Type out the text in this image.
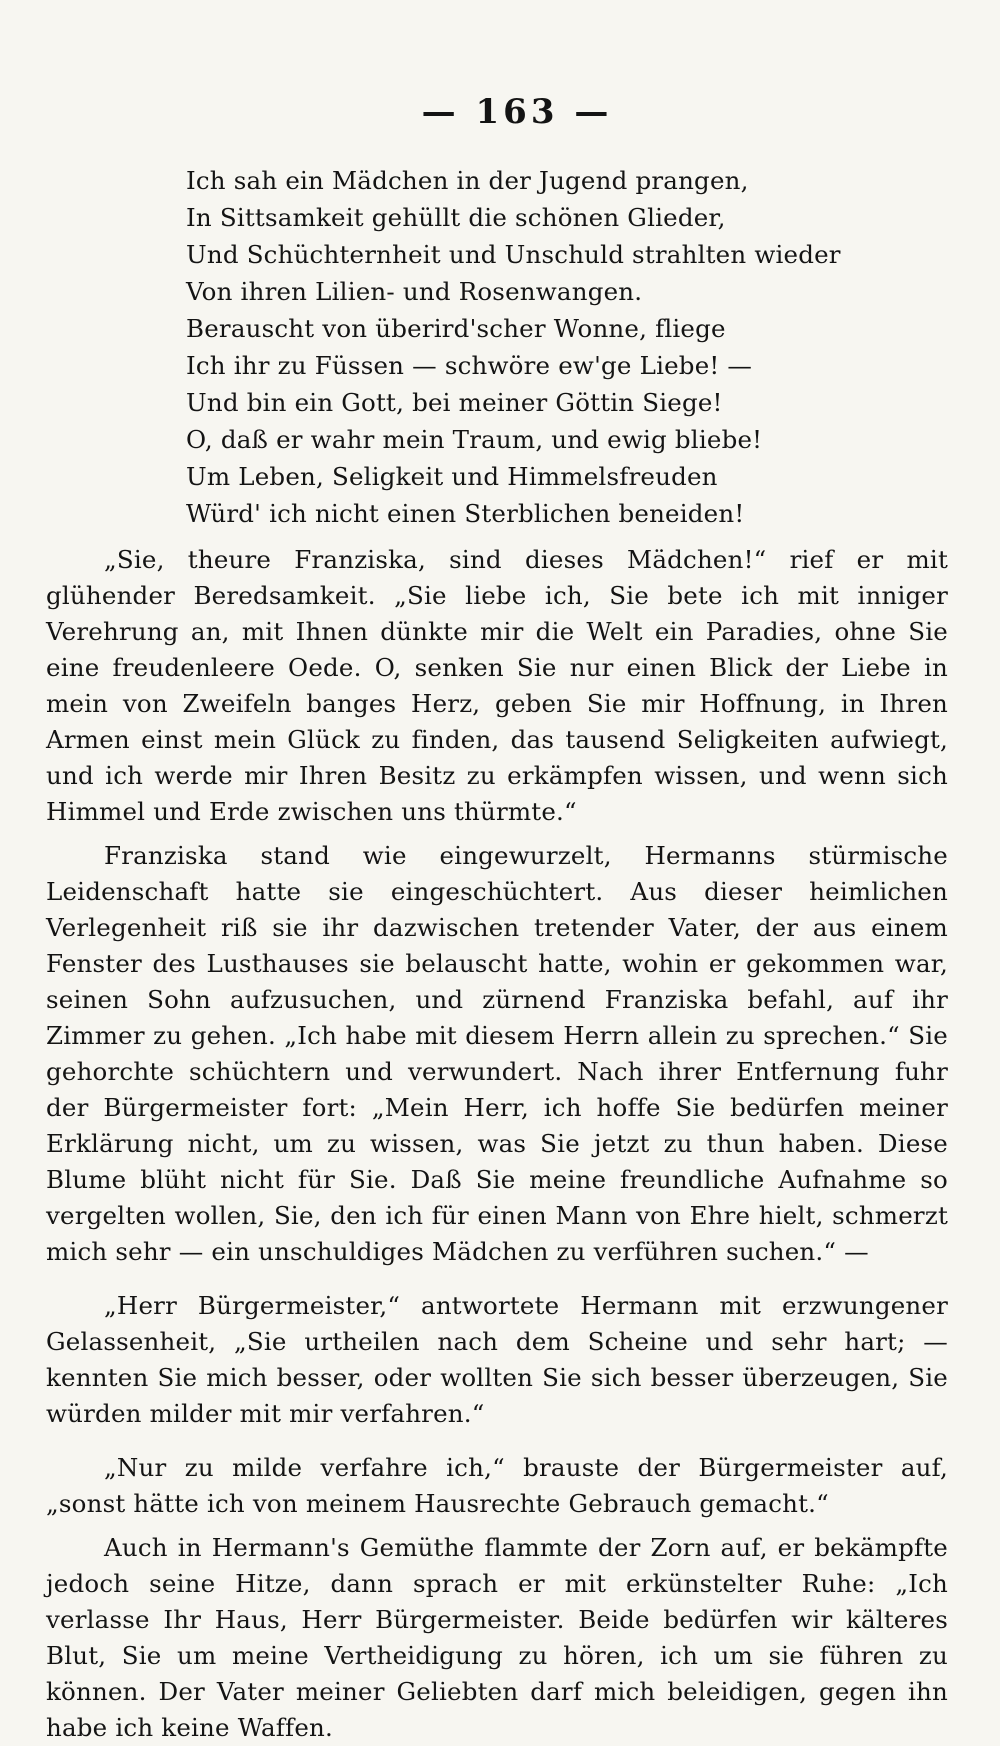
— 163 —
Ich sah ein Mädchen in der Jugend prangen,
In Sittsamkeit gehüllt die schönen Glieder,
Und Schüchternheit und Unschuld strahlten wieder
Von ihren Lilien- und Rosenwangen.
Berauscht von überird'scher Wonne, fliege
Ich ihr zu Füssen — schwöre ew'ge Liebe! —
Und bin ein Gott, bei meiner Göttin Siege!
O, daß er wahr mein Traum, und ewig bliebe!
Um Leben, Seligkeit und Himmelsfreuden
Würd' ich nicht einen Sterblichen beneiden!

„Sie, theure Franziska, sind dieses Mädchen!“ rief er mit glühender Beredsamkeit. „Sie liebe ich, Sie bete ich mit inniger Verehrung an, mit Ihnen dünkte mir die Welt ein Paradies, ohne Sie eine freudenleere Oede. O, senken Sie nur einen Blick der Liebe in mein von Zweifeln banges Herz, geben Sie mir Hoffnung, in Ihren Armen einst mein Glück zu finden, das tausend Seligkeiten aufwiegt, und ich werde mir Ihren Besitz zu erkämpfen wissen, und wenn sich Himmel und Erde zwischen uns thürmte.“

Franziska stand wie eingewurzelt, Hermanns stürmische Leidenschaft hatte sie eingeschüchtert. Aus dieser heimlichen Verlegenheit riß sie ihr dazwischen tretender Vater, der aus einem Fenster des Lusthauses sie belauscht hatte, wohin er gekommen war, seinen Sohn aufzusuchen, und zürnend Franziska befahl, auf ihr Zimmer zu gehen. „Ich habe mit diesem Herrn allein zu sprechen.“ Sie gehorchte schüchtern und verwundert. Nach ihrer Entfernung fuhr der Bürgermeister fort: „Mein Herr, ich hoffe Sie bedürfen meiner Erklärung nicht, um zu wissen, was Sie jetzt zu thun haben. Diese Blume blüht nicht für Sie. Daß Sie meine freundliche Aufnahme so vergelten wollen, Sie, den ich für einen Mann von Ehre hielt, schmerzt mich sehr — ein unschuldiges Mädchen zu verführen suchen.“ —

„Herr Bürgermeister,“ antwortete Hermann mit erzwungener Gelassenheit, „Sie urtheilen nach dem Scheine und sehr hart; — kennten Sie mich besser, oder wollten Sie sich besser überzeugen, Sie würden milder mit mir verfahren.“

„Nur zu milde verfahre ich,“ brauste der Bürgermeister auf, „sonst hätte ich von meinem Hausrechte Gebrauch gemacht.“

Auch in Hermann's Gemüthe flammte der Zorn auf, er bekämpfte jedoch seine Hitze, dann sprach er mit erkünstelter Ruhe: „Ich verlasse Ihr Haus, Herr Bürgermeister. Beide bedürfen wir kälteres Blut, Sie um meine Vertheidigung zu hören, ich um sie führen zu können. Der Vater meiner Geliebten darf mich beleidigen, gegen ihn habe ich keine Waffen.
